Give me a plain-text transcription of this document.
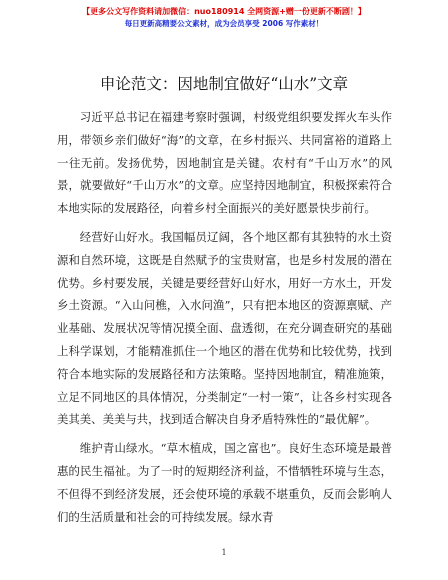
【更多公文写作资料请加微信：nuo180914 全网资源+赠一份更新不断剧！】
每日更新高精要公文素材，成为会员享受 2006 写作素材！
申论范文：因地制宜做好“山水”文章

习近平总书记在福建考察时强调，村级党组织要发挥火车头作用，带领乡亲们做好“海”的文章，在乡村振兴、共同富裕的道路上一往无前。发扬优势，因地制宜是关键。农村有“千山万水”的风景，就要做好“千山万水”的文章。应坚持因地制宜，积极探索符合本地实际的发展路径，向着乡村全面振兴的美好愿景快步前行。

经营好山好水。我国幅员辽阔，各个地区都有其独特的水土资源和自然环境，这既是自然赋予的宝贵财富，也是乡村发展的潜在优势。乡村要发展，关键是要经营好山好水，用好一方水土，开发乡土资源。“入山问樵，入水问渔”，只有把本地区的资源禀赋、产业基础、发展状况等情况摸全面、盘透彻，在充分调查研究的基础上科学谋划，才能精准抓住一个地区的潜在优势和比较优势，找到符合本地实际的发展路径和方法策略。坚持因地制宜，精准施策，立足不同地区的具体情况，分类制定“一村一策”，让各乡村实现各美其美、美美与共，找到适合解决自身矛盾特殊性的“最优解”。

维护青山绿水。“草木植成，国之富也”。良好生态环境是最普惠的民生福祉。为了一时的短期经济利益，不惜牺牲环境与生态，不但得不到经济发展，还会使环境的承载不堪重负，反而会影响人们的生活质量和社会的可持续发展。绿水青

1
